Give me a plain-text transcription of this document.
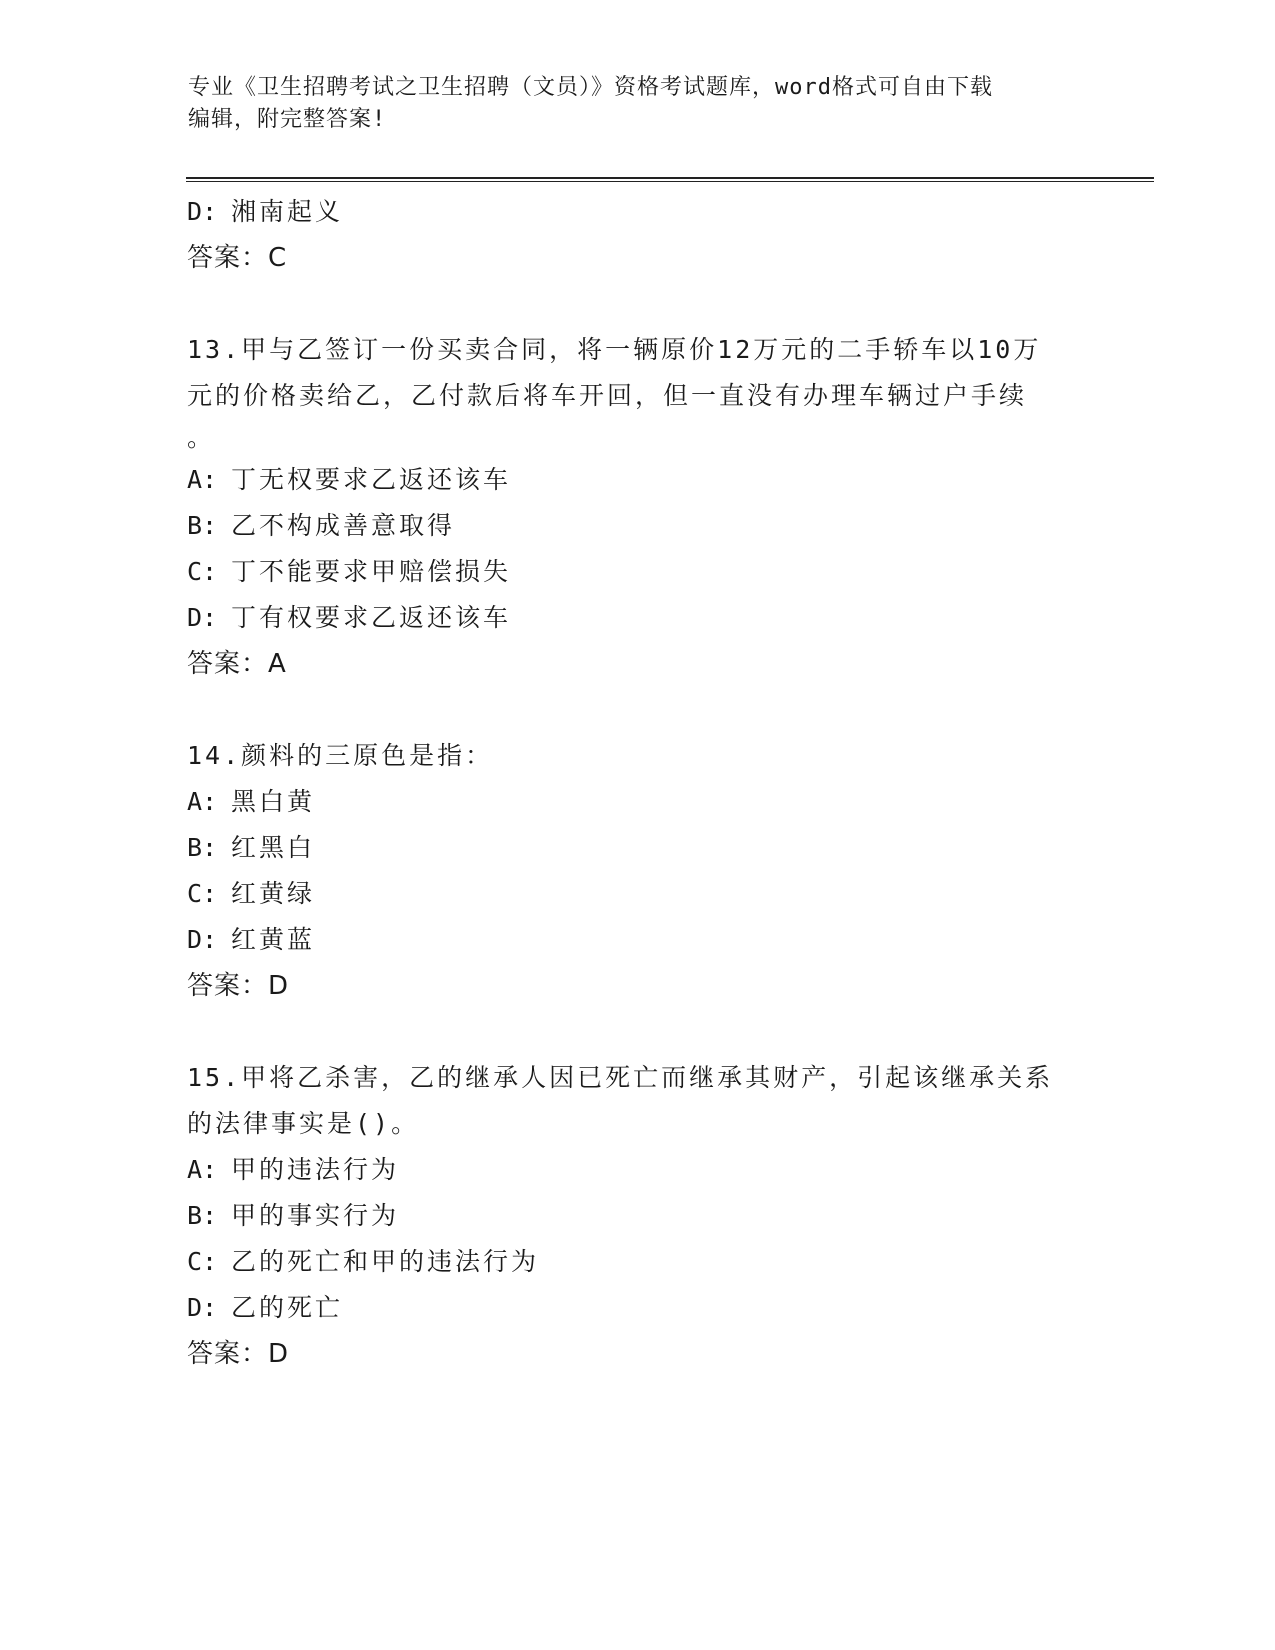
专业《卫生招聘考试之卫生招聘（文员）》资格考试题库，word格式可自由下载
编辑，附完整答案!
D: 湘南起义
答案：C
13.甲与乙签订一份买卖合同，将一辆原价12万元的二手轿车以10万
元的价格卖给乙，乙付款后将车开回，但一直没有办理车辆过户手续
。
A: 丁无权要求乙返还该车
B: 乙不构成善意取得
C: 丁不能要求甲赔偿损失
D: 丁有权要求乙返还该车
答案：A
14.颜料的三原色是指：
A: 黑白黄
B: 红黑白
C: 红黄绿
D: 红黄蓝
答案：D
15.甲将乙杀害，乙的继承人因已死亡而继承其财产，引起该继承关系
的法律事实是()。
A: 甲的违法行为
B: 甲的事实行为
C: 乙的死亡和甲的违法行为
D: 乙的死亡
答案：D
